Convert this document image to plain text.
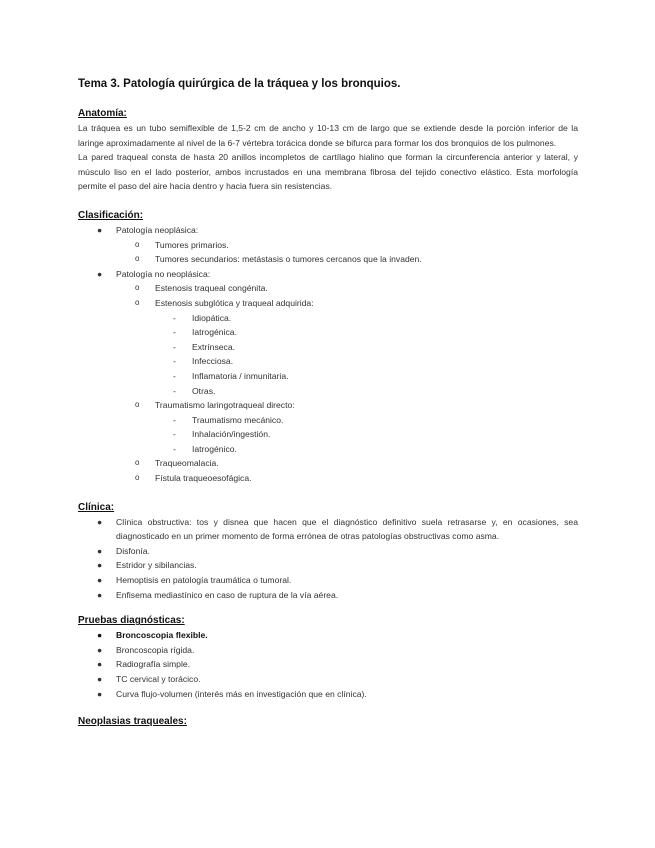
Tema 3. Patología quirúrgica de la tráquea y los bronquios.

Anatomía:

La tráquea es un tubo semiflexible de 1,5-2 cm de ancho y 10-13 cm de largo que se extiende desde la porción inferior de la laringe aproximadamente al nivel de la 6-7 vértebra torácica donde se bifurca para formar los dos bronquios de los pulmones.

La pared traqueal consta de hasta 20 anillos incompletos de cartílago hialino que forman la circunferencia anterior y lateral, y músculo liso en el lado posterior, ambos incrustados en una membrana fibrosa del tejido conectivo elástico. Esta morfología permite el paso del aire hacia dentro y hacia fuera sin resistencias.

Clasificación:

● Patología neoplásica:
o Tumores primarios.
o Tumores secundarios: metástasis o tumores cercanos que la invaden.
● Patología no neoplásica:
o Estenosis traqueal congénita.
o Estenosis subglótica y traqueal adquirida:
- Idiopática.
- Iatrogénica.
- Extrínseca.
- Infecciosa.
- Inflamatoria / inmunitaria.
- Otras.
o Traumatismo laringotraqueal directo:
- Traumatismo mecánico.
- Inhalación/ingestión.
- Iatrogénico.
o Traqueomalacia.
o Fístula traqueoesofágica.

Clínica:

● Clínica obstructiva: tos y disnea que hacen que el diagnóstico definitivo suela retrasarse y, en ocasiones, sea diagnosticado en un primer momento de forma errónea de otras patologías obstructivas como asma.
● Disfonía.
● Estridor y sibilancias.
● Hemoptisis en patología traumática o tumoral.
● Enfisema mediastínico en caso de ruptura de la vía aérea.

Pruebas diagnósticas:

● Broncoscopia flexible.
● Broncoscopia rígida.
● Radiografía simple.
● TC cervical y torácico.
● Curva flujo-volumen (interés más en investigación que en clínica).

Neoplasias traqueales:
